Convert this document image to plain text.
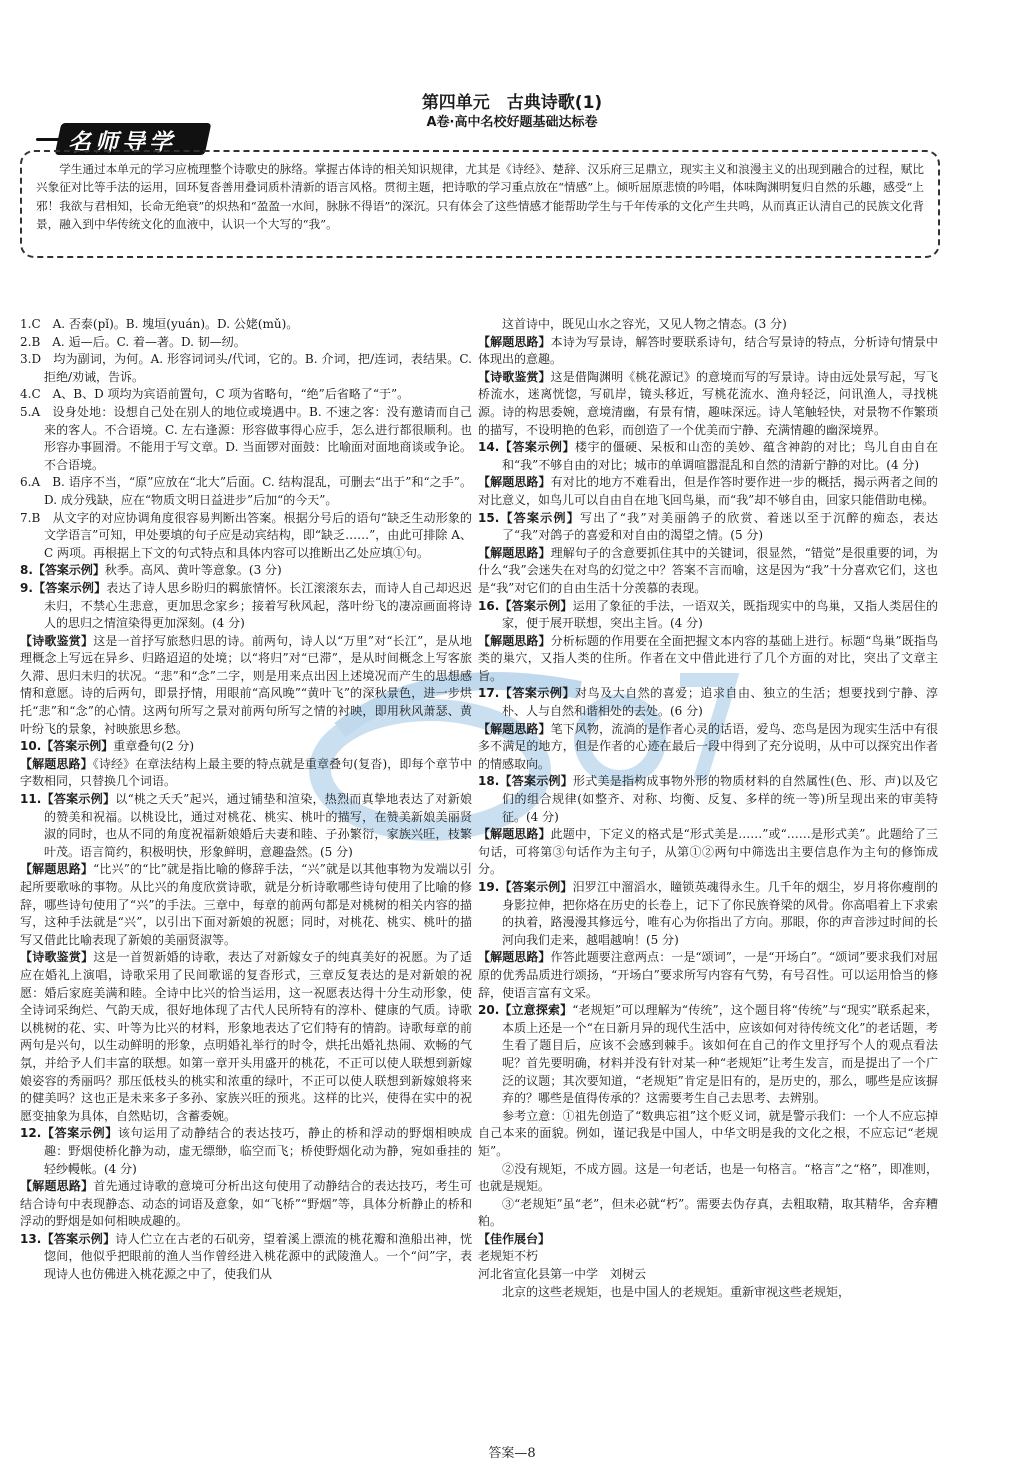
第四单元　古典诗歌(1)
A卷·高中名校好题基础达标卷
名师导学
学生通过本单元的学习应梳理整个诗歌史的脉络。掌握古体诗的相关知识规律，尤其是《诗经》、楚辞、汉乐府三足鼎立，现实主义和浪漫主义的出现到融合的过程，赋比兴象征对比等手法的运用，回环复沓善用叠词质朴清新的语言风格。贯彻主题，把诗歌的学习重点放在“情感”上。倾听屈原悲愤的吟唱，体味陶渊明复归自然的乐趣，感受“上邪！我欲与君相知，长命无绝衰”的炽热和“盈盈一水间，脉脉不得语”的深沉。只有体会了这些情感才能帮助学生与千年传承的文化产生共鸣，从而真正认清自己的民族文化背景，融入到中华传统文化的血液中，认识一个大写的“我”。

1.C　A. 否泰(pǐ)。B. 塊垣(yuán)。D. 公姥(mǔ)。

2.B　A. 逅—后。C. 着—著。D. 韧—纫。

3.D　均为副词，为何。A. 形容词词头/代词，它的。B. 介词，把/连词，表结果。C. 拒绝/劝诫，告诉。

4.C　A、B、D 项均为宾语前置句，C 项为省略句，“绝”后省略了“于”。

5.A　设身处地：设想自己处在别人的地位或境遇中。B. 不速之客：没有邀请而自己来的客人。不合语境。C. 左右逢源：形容做事得心应手，怎么进行都很顺利。也形容办事圆滑。不能用于写文章。D. 当面锣对面鼓：比喻面对面地商谈或争论。不合语境。

6.A　B. 语序不当，“原”应放在“北大”后面。C. 结构混乱，可删去“出于”和“之手”。D. 成分残缺，应在“物质文明日益进步”后加“的今天”。

7.B　从文字的对应协调角度很容易判断出答案。根据分号后的语句“缺乏生动形象的文学语言”可知，甲处要填的句子应是动宾结构，即“缺乏……”，由此可排除 A、C 两项。再根据上下文的句式特点和具体内容可以推断出乙处应填①句。

8.【答案示例】秋季。高风、黄叶等意象。(3 分)

9.【答案示例】表达了诗人思乡盼归的羁旅情怀。长江滚滚东去，而诗人自己却迟迟未归，不禁心生悲意，更加思念家乡；接着写秋风起，落叶纷飞的凄凉画面将诗人的思归之情渲染得更加深刻。(4 分)

【诗歌鉴赏】这是一首抒写旅愁归思的诗。前两句，诗人以“万里”对“长江”，是从地理概念上写远在异乡、归路迢迢的处境；以“将归”对“已滞”，是从时间概念上写客旅久滞、思归未归的状况。“悲”和“念”二字，则是用来点出因上述境况而产生的思想感情和意愿。诗的后两句，即景抒情，用眼前“高风晚”“黄叶飞”的深秋景色，进一步烘托“悲”和“念”的心情。这两句所写之景对前两句所写之情的衬映，即用秋风萧瑟、黄叶纷飞的景象，衬映旅思乡愁。

10.【答案示例】重章叠句(2 分)

【解题思路】《诗经》在章法结构上最主要的特点就是重章叠句(复沓)，即每个章节中字数相同，只替换几个词语。

11.【答案示例】以“桃之夭夭”起兴，通过铺垫和渲染，热烈而真挚地表达了对新娘的赞美和祝福。以桃设比，通过对桃花、桃实、桃叶的描写，在赞美新娘美丽贤淑的同时，也从不同的角度祝福新娘婚后夫妻和睦、子孙繁衍，家族兴旺，枝繁叶茂。语言简约，积极明快，形象鲜明，意趣盎然。(5 分)

【解题思路】“比兴”的“比”就是指比喻的修辞手法，“兴”就是以其他事物为发端以引起所要歌咏的事物。从比兴的角度欣赏诗歌，就是分析诗歌哪些诗句使用了比喻的修辞，哪些诗句使用了“兴”的手法。三章中，每章的前两句都是对桃树的相关内容的描写，这种手法就是“兴”，以引出下面对新娘的祝愿；同时，对桃花、桃实、桃叶的描写又借此比喻表现了新娘的美丽贤淑等。

【诗歌鉴赏】这是一首贺新婚的诗歌，表达了对新嫁女子的纯真美好的祝愿。为了适应在婚礼上演唱，诗歌采用了民间歌谣的复沓形式，三章反复表达的是对新娘的祝愿：婚后家庭美满和睦。全诗中比兴的恰当运用，这一祝愿表达得十分生动形象，使全诗词采绚烂、气韵天成，很好地体现了古代人民所特有的淳朴、健康的气质。诗歌以桃树的花、实、叶等为比兴的材料，形象地表达了它们特有的情韵。诗歌每章的前两句是兴句，以生动鲜明的形象，点明婚礼举行的时令，烘托出婚礼热闹、欢畅的气氛，并给予人们丰富的联想。如第一章开头用盛开的桃花，不正可以使人联想到新嫁娘姿容的秀丽吗？那压低枝头的桃实和浓重的绿叶，不正可以使人联想到新嫁娘将来的健美吗？这也正是未来多子多孙、家族兴旺的预兆。这样的比兴，使得在实中的祝愿变抽象为具体，自然贴切，含蓄委婉。

12.【答案示例】该句运用了动静结合的表达技巧，静止的桥和浮动的野烟相映成趣：野烟使桥化静为动，虚无缥缈，临空而飞；桥使野烟化动为静，宛如垂挂的轻纱幔帐。(4 分)

【解题思路】首先通过诗歌的意境可分析出这句使用了动静结合的表达技巧，考生可结合诗句中表现静态、动态的词语及意象，如“飞桥”“野烟”等，具体分析静止的桥和浮动的野烟是如何相映成趣的。

13.【答案示例】诗人伫立在古老的石矶旁，望着溪上漂流的桃花瓣和渔船出神，恍惚间，他似乎把眼前的渔人当作曾经进入桃花源中的武陵渔人。一个“问”字，表现诗人也仿佛进入桃花源之中了，使我们从

这首诗中，既见山水之容光，又见人物之情态。(3 分)

【解题思路】本诗为写景诗，解答时要联系诗句，结合写景诗的特点，分析诗句情景中体现出的意趣。

【诗歌鉴赏】这是借陶渊明《桃花源记》的意境而写的写景诗。诗由远处景写起，写飞桥流水，迷离恍惚，写矶岸，镜头移近，写桃花流水、渔舟轻泛，问讯渔人，寻找桃源。诗的构思委婉，意境清幽，有景有情，趣味深远。诗人笔触轻快，对景物不作繁琐的描写，不设明艳的色彩，而创造了一个优美而宁静、充满情趣的幽深境界。

14.【答案示例】楼宇的僵硬、呆板和山峦的美妙、蕴含神韵的对比；鸟儿自由自在和“我”不够自由的对比；城市的单调喧嚣混乱和自然的清新宁静的对比。(4 分)

【解题思路】有对比的地方不难看出，但是作答时要作进一步的概括，揭示两者之间的对比意义，如鸟儿可以自由自在地飞回鸟巢，而“我”却不够自由，回家只能借助电梯。

15.【答案示例】写出了“我”对美丽鸽子的欣赏、着迷以至于沉醉的痴态，表达了“我”对鸽子的喜爱和对自由的渴望之情。(5 分)

【解题思路】理解句子的含意要抓住其中的关键词，很显然，“错觉”是很重要的词，为什么“我”会迷失在对鸟的幻觉之中？答案不言而喻，这是因为“我”十分喜欢它们，这也是“我”对它们的自由生活十分羡慕的表现。

16.【答案示例】运用了象征的手法，一语双关，既指现实中的鸟巢，又指人类居住的家，便于展开联想，突出主旨。(4 分)

【解题思路】分析标题的作用要在全面把握文本内容的基础上进行。标题“鸟巢”既指鸟类的巢穴，又指人类的住所。作者在文中借此进行了几个方面的对比，突出了文章主旨。

17.【答案示例】对鸟及大自然的喜爱；追求自由、独立的生活；想要找到宁静、淳朴、人与自然和谐相处的去处。(6 分)

【解题思路】笔下风物，流淌的是作者心灵的话语，爱鸟、恋鸟是因为现实生活中有很多不满足的地方，但是作者的心迹在最后一段中得到了充分说明，从中可以探究出作者的情感取向。

18.【答案示例】形式美是指构成事物外形的物质材料的自然属性(色、形、声)以及它们的组合规律(如整齐、对称、均衡、反复、多样的统一等)所呈现出来的审美特征。(4 分)

【解题思路】此题中，下定义的格式是“形式美是……”或“……是形式美”。此题给了三句话，可将第③句话作为主句子，从第①②两句中筛选出主要信息作为主句的修饰成分。

19.【答案示例】汨罗江中溜滔水，瞳锁英魂得永生。几千年的烟尘，岁月将你瘦削的身影拉伸，把你烙在历史的长卷上，记下了你民族脊梁的风骨。你高唱着上下求索的执着，路漫漫其修远兮，唯有心为你指出了方向。那眼，你的声音涉过时间的长河向我们走来，越唱越响！(5 分)

【解题思路】作答此题要注意两点：一是“颂词”，一是“开场白”。“颂词”要求我们对屈原的优秀品质进行颂扬，“开场白”要求所写内容有气势，有号召性。可以运用恰当的修辞，使语言富有文采。

20.【立意探索】“老规矩”可以理解为“传统”，这个题目将“传统”与“现实”联系起来，本质上还是一个“在日新月异的现代生活中，应该如何对待传统文化”的老话题，考生看了题目后，应该不会感到棘手。该如何在自己的作文里抒写个人的观点看法呢？首先要明确，材料并没有针对某一种“老规矩”让考生发言，而是提出了一个广泛的议题；其次要知道，“老规矩”肯定是旧有的，是历史的，那么，哪些是应该摒弃的？哪些是值得传承的？这需要考生自己去思考、去辨别。

参考立意：①祖先创造了“数典忘祖”这个贬义词，就是警示我们：一个人不应忘掉自己本来的面貌。例如，谨记我是中国人，中华文明是我的文化之根，不应忘记“老规矩”。

②没有规矩，不成方圆。这是一句老话，也是一句格言。“格言”之“格”，即准则，也就是规矩。

③“老规矩”虽“老”，但未必就“朽”。需要去伪存真，去粗取精，取其精华，舍弃糟粕。

【佳作展台】

老规矩不朽

河北省宣化县第一中学　刘树云

北京的这些老规矩，也是中国人的老规矩。重新审视这些老规矩，

答案—8
